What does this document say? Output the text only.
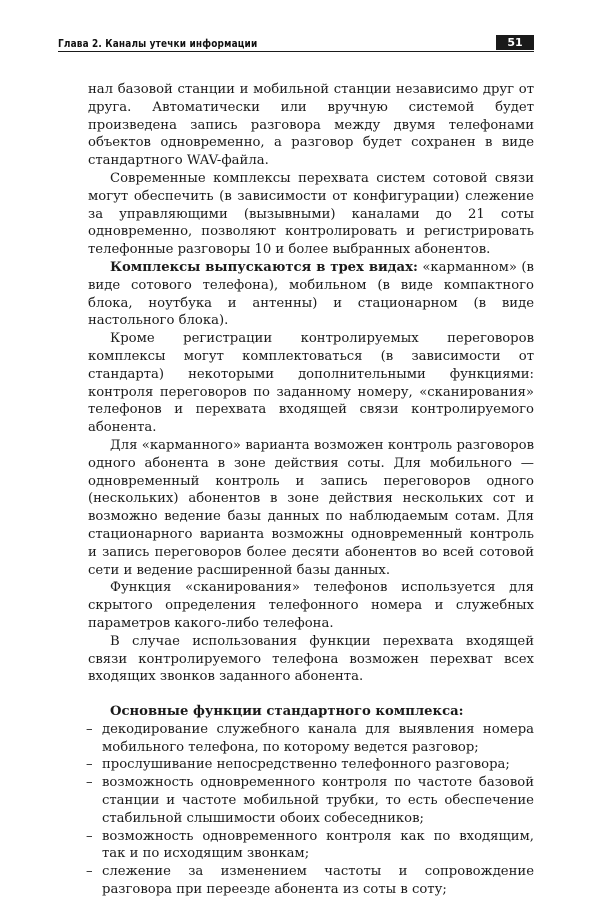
Глава 2. Каналы утечки информации	51

нал базовой станции и мобильной станции независимо друг от друга. Автоматически или вручную системой будет произведена запись разговора между двумя телефонами объектов одновременно, а разговор будет сохранен в виде стандартного WAV-файла.

Современные комплексы перехвата систем сотовой связи могут обеспечить (в зависимости от конфигурации) слежение за управляющими (вызывными) каналами до 21 соты одновременно, позволяют контролировать и регистрировать телефонные разговоры 10 и более выбранных абонентов.

Комплексы выпускаются в трех видах: «карманном» (в виде сотового телефона), мобильном (в виде компактного блока, ноутбука и антенны) и стационарном (в виде настольного блока).

Кроме регистрации контролируемых переговоров комплексы могут комплектоваться (в зависимости от стандарта) некоторыми дополнительными функциями: контроля переговоров по заданному номеру, «сканирования» телефонов и перехвата входящей связи контролируемого абонента.

Для «карманного» варианта возможен контроль разговоров одного абонента в зоне действия соты. Для мобильного — одновременный контроль и запись переговоров одного (нескольких) абонентов в зоне действия нескольких сот и возможно ведение базы данных по наблюдаемым сотам. Для стационарного варианта возможны одновременный контроль и запись переговоров более десяти абонентов во всей сотовой сети и ведение расширенной базы данных.

Функция «сканирования» телефонов используется для скрытого определения телефонного номера и служебных параметров какого-либо телефона.

В случае использования функции перехвата входящей связи контролируемого телефона возможен перехват всех входящих звонков заданного абонента.

Основные функции стандартного комплекса:

– декодирование служебного канала для выявления номера мобильного телефона, по которому ведется разговор;
– прослушивание непосредственно телефонного разговора;
– возможность одновременного контроля по частоте базовой станции и частоте мобильной трубки, то есть обеспечение стабильной слышимости обоих собеседников;
– возможность одновременного контроля как по входящим, так и по исходящим звонкам;
– слежение за изменением частоты и сопровождение разговора при переезде абонента из соты в соту;
